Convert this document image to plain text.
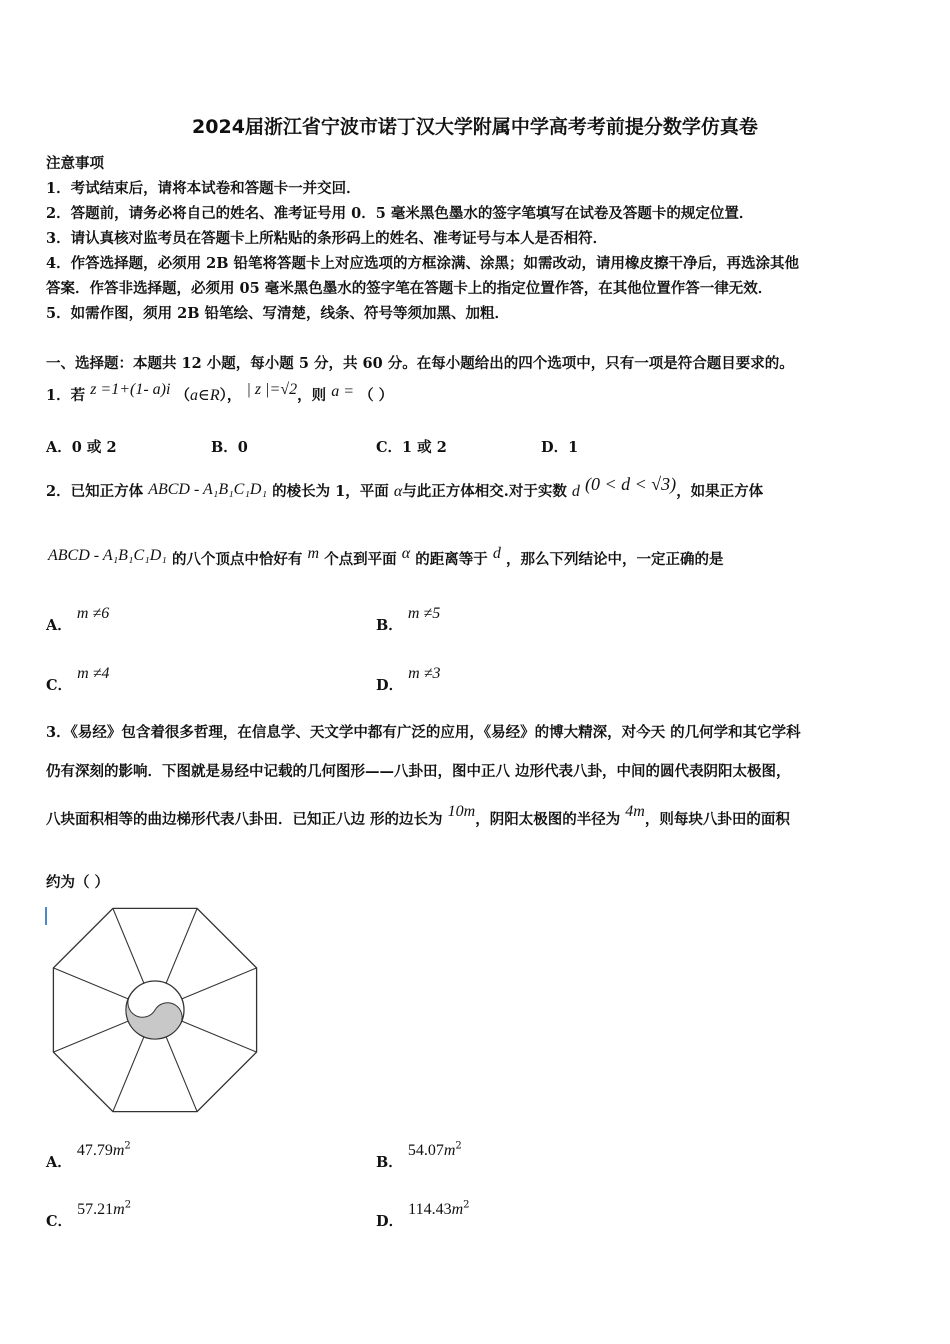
2024届浙江省宁波市诺丁汉大学附属中学高考考前提分数学仿真卷
注意事项
1．考试结束后，请将本试卷和答题卡一并交回．
2．答题前，请务必将自己的姓名、准考证号用 0．5 毫米黑色墨水的签字笔填写在试卷及答题卡的规定位置．
3．请认真核对监考员在答题卡上所粘贴的条形码上的姓名、准考证号与本人是否相符．
4．作答选择题，必须用 2B 铅笔将答题卡上对应选项的方框涂满、涂黑；如需改动，请用橡皮擦干净后，再选涂其他
答案．作答非选择题，必须用 05 毫米黑色墨水的签字笔在答题卡上的指定位置作答，在其他位置作答一律无效．
5．如需作图，须用 2B 铅笔绘、写清楚，线条、符号等须加黑、加粗．
一、选择题：本题共 12 小题，每小题 5 分，共 60 分。在每小题给出的四个选项中，只有一项是符合题目要求的。
1．若 z =1+(1- a)i （a∈R）， | z |=√2，则 a = （ ）
A．0 或 2	B．0	C．1 或 2	D．1
2．已知正方体 ABCD - A₁B₁C₁D₁ 的棱长为 1，平面 α与此正方体相交.对于实数 d (0 < d < √3)，如果正方体
ABCD - A₁B₁C₁D₁ 的八个顶点中恰好有 m 个点到平面 α 的距离等于 d ，那么下列结论中，一定正确的是
A． m ≠6
B． m ≠5
C． m ≠4
D． m ≠3
3．《易经》包含着很多哲理，在信息学、天文学中都有广泛的应用，《易经》的博大精深，对今天 的几何学和其它学科
仍有深刻的影响．下图就是易经中记载的几何图形——八卦田，图中正八 边形代表八卦，中间的圆代表阴阳太极图，
八块面积相等的曲边梯形代表八卦田．已知正八边 形的边长为 10m，阴阳太极图的半径为 4m，则每块八卦田的面积
约为（ ）
A． $47.79m^2$
B． $54.07m^2$
C． $57.21m^2$
D． $114.43m^2$
